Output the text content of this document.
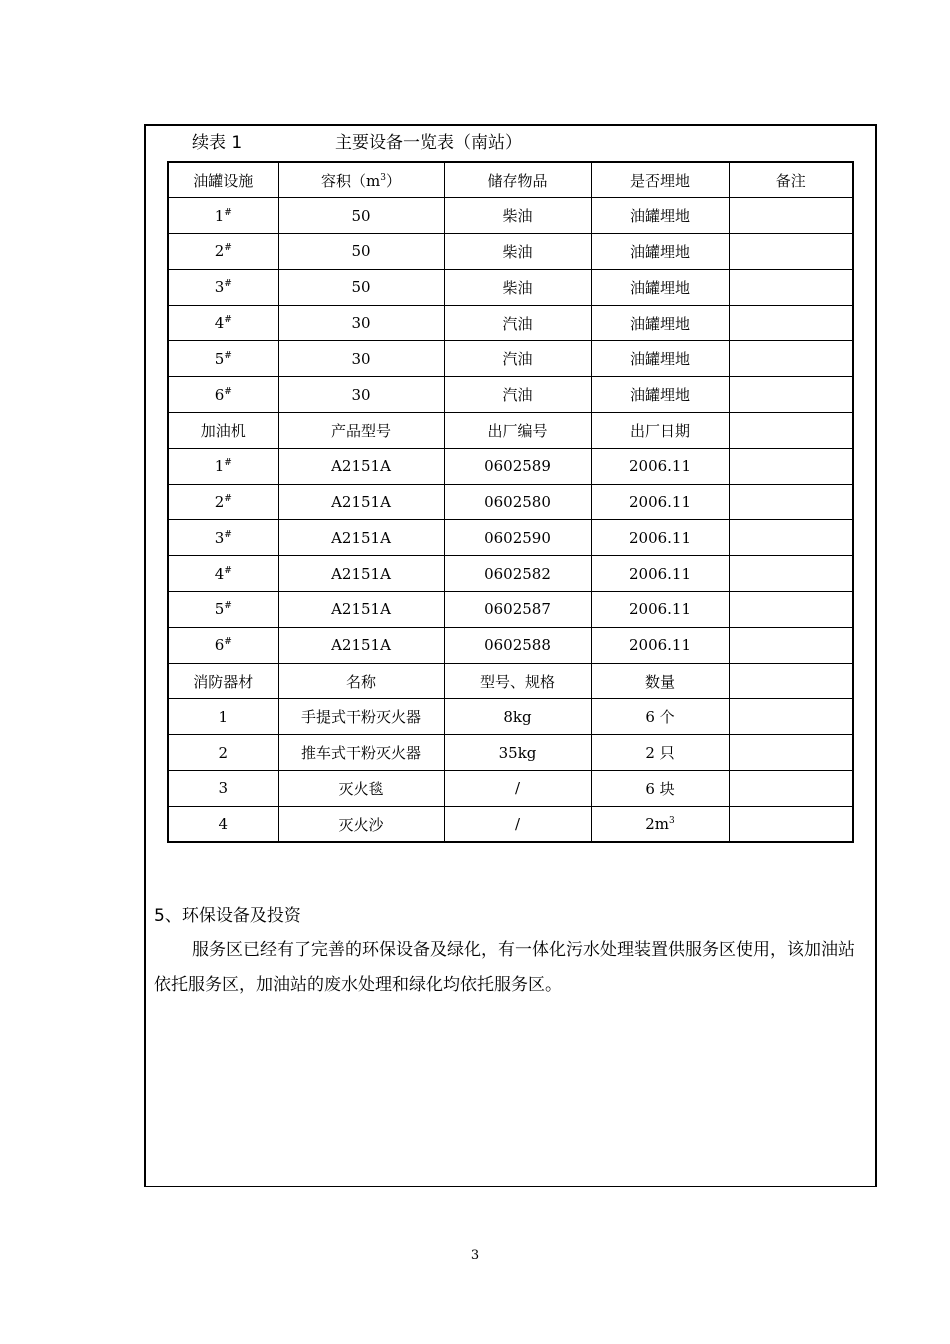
续表 1	主要设备一览表（南站）
油罐设施	容积$(m^3)$	储存物品	是否埋地	备注
1#	50	柴油	油罐埋地	
2#	50	柴油	油罐埋地	
3#	50	柴油	油罐埋地	
4#	30	汽油	油罐埋地	
5#	30	汽油	油罐埋地	
6#	30	汽油	油罐埋地	
加油机	产品型号	出厂编号	出厂日期	
1#	A2151A	0602589	2006.11	
2#	A2151A	0602580	2006.11	
3#	A2151A	0602590	2006.11	
4#	A2151A	0602582	2006.11	
5#	A2151A	0602587	2006.11	
6#	A2151A	0602588	2006.11	
消防器材	名称	型号、规格	数量	
1	手提式干粉灭火器	8kg	6 个	
2	推车式干粉灭火器	35kg	2 只	
3	灭火毯	/	6 块	
4	灭火沙	/	$2m^3$	
5、环保设备及投资

服务区已经有了完善的环保设备及绿化，有一体化污水处理装置供服务区使用，该加油站依托服务区，加油站的废水处理和绿化均依托服务区。

3
